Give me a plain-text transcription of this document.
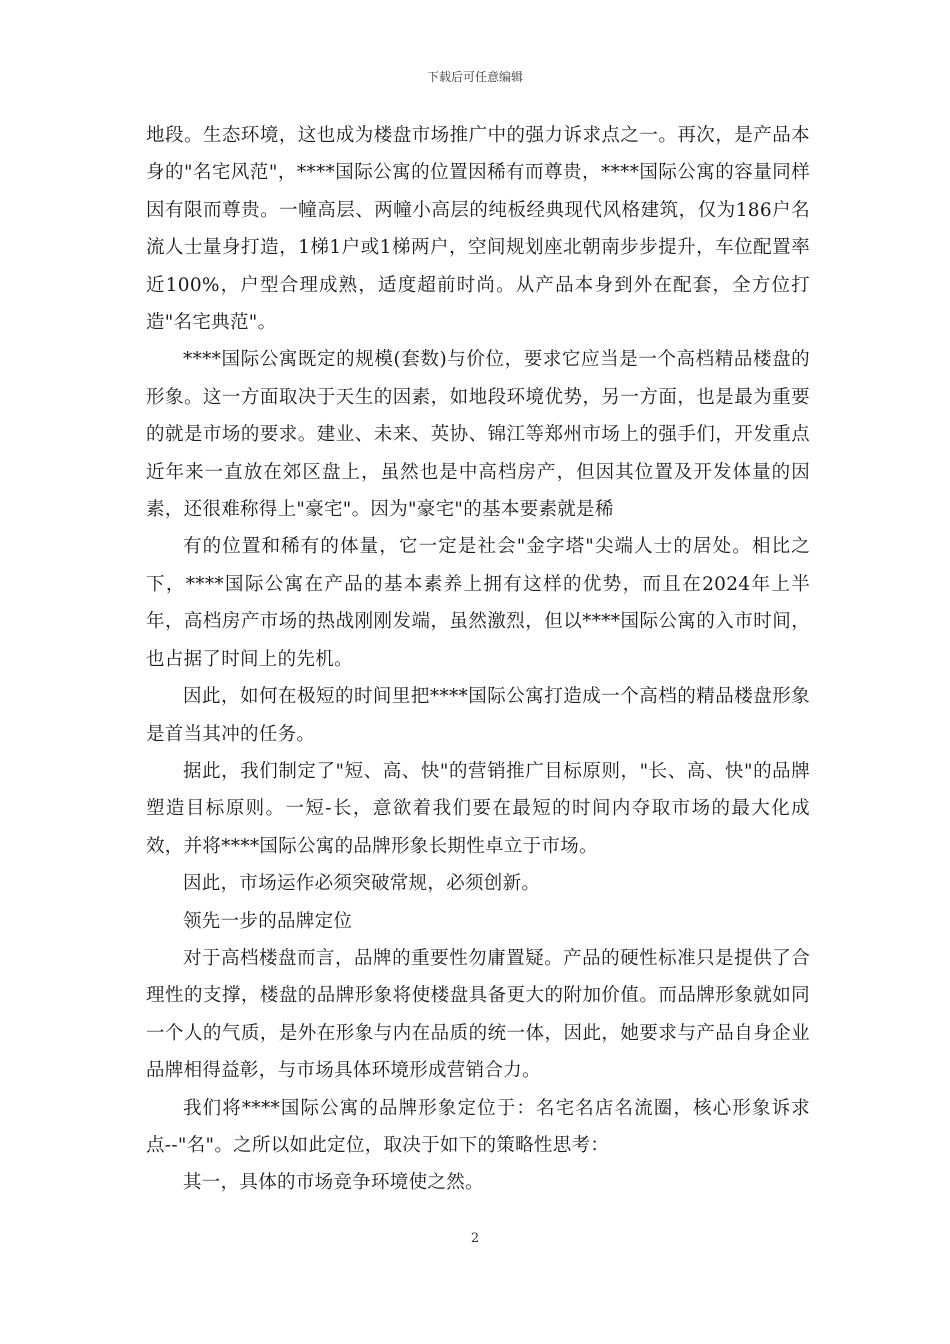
下载后可任意编辑

地段。生态环境，这也成为楼盘市场推广中的强力诉求点之一。再次，是产品本身的"名宅风范"，****国际公寓的位置因稀有而尊贵，****国际公寓的容量同样因有限而尊贵。一幢高层、两幢小高层的纯板经典现代风格建筑，仅为186户名流人士量身打造，1梯1户或1梯两户，空间规划座北朝南步步提升，车位配置率近100%，户型合理成熟，适度超前时尚。从产品本身到外在配套，全方位打造"名宅典范"。

****国际公寓既定的规模(套数)与价位，要求它应当是一个高档精品楼盘的形象。这一方面取决于天生的因素，如地段环境优势，另一方面，也是最为重要的就是市场的要求。建业、未来、英协、锦江等郑州市场上的强手们，开发重点近年来一直放在郊区盘上，虽然也是中高档房产，但因其位置及开发体量的因素，还很难称得上"豪宅"。因为"豪宅"的基本要素就是稀

有的位置和稀有的体量，它一定是社会"金字塔"尖端人士的居处。相比之下，****国际公寓在产品的基本素养上拥有这样的优势，而且在2024年上半年，高档房产市场的热战刚刚发端，虽然激烈，但以****国际公寓的入市时间，也占据了时间上的先机。

因此，如何在极短的时间里把****国际公寓打造成一个高档的精品楼盘形象是首当其冲的任务。

据此，我们制定了"短、高、快"的营销推广目标原则，"长、高、快"的品牌塑造目标原则。一短-长，意欲着我们要在最短的时间内夺取市场的最大化成效，并将****国际公寓的品牌形象长期性卓立于市场。

因此，市场运作必须突破常规，必须创新。

领先一步的品牌定位

对于高档楼盘而言，品牌的重要性勿庸置疑。产品的硬性标准只是提供了合理性的支撑，楼盘的品牌形象将使楼盘具备更大的附加价值。而品牌形象就如同一个人的气质，是外在形象与内在品质的统一体，因此，她要求与产品自身企业品牌相得益彰，与市场具体环境形成营销合力。

我们将****国际公寓的品牌形象定位于：名宅名店名流圈，核心形象诉求点--"名"。之所以如此定位，取决于如下的策略性思考：

其一，具体的市场竞争环境使之然。

2
